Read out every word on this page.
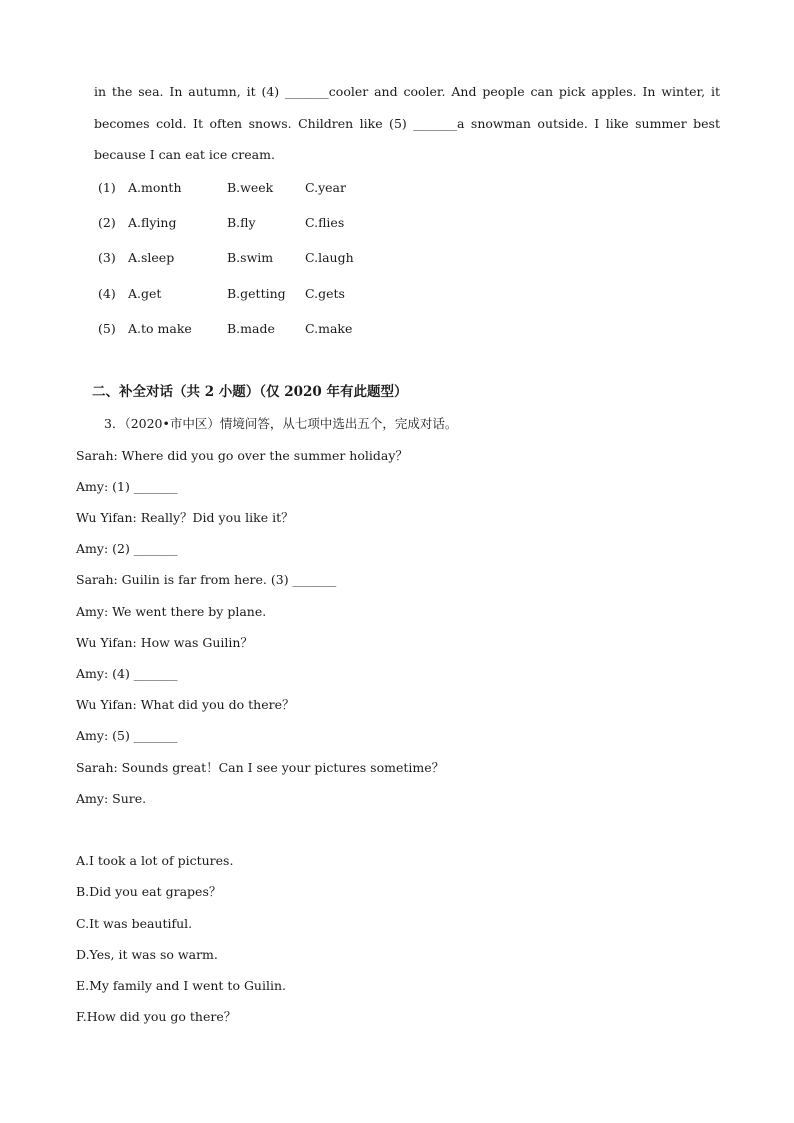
in the sea. In autumn, it (4) _______cooler and cooler. And people can pick apples. In winter, it
becomes cold. It often snows. Children like (5) _______a snowman outside. I like summer best
because I can eat ice cream.
(1) A.month	B.week	C.year
(2) A.flying	B.fly	C.flies
(3) A.sleep	B.swim	C.laugh
(4) A.get	B.getting C.gets
(5) A.to make	B.made C.make
二、补全对话（共 2 小题）（仅 2020 年有此题型）
3．（2020•市中区）情境问答，从七项中选出五个，完成对话。
Sarah: Where did you go over the summer holiday？
Amy: (1) _______
Wu Yifan: Really？Did you like it？
Amy: (2) _______
Sarah: Guilin is far from here. (3) _______
Amy: We went there by plane.
Wu Yifan: How was Guilin？
Amy: (4) _______
Wu Yifan: What did you do there？
Amy: (5) _______
Sarah: Sounds great！Can I see your pictures sometime？
Amy: Sure.
A.I took a lot of pictures.
B.Did you eat grapes？
C.It was beautiful.
D.Yes, it was so warm.
E.My family and I went to Guilin.
F.How did you go there？
